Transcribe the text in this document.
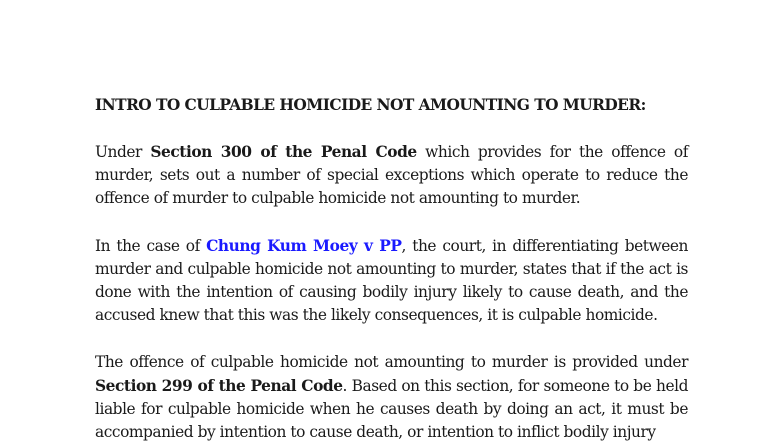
INTRO TO CULPABLE HOMICIDE NOT AMOUNTING TO MURDER:

Under Section 300 of the Penal Code which provides for the offence of murder, sets out a number of special exceptions which operate to reduce the offence of murder to culpable homicide not amounting to murder.

In the case of Chung Kum Moey v PP, the court, in differentiating between murder and culpable homicide not amounting to murder, states that if the act is done with the intention of causing bodily injury likely to cause death, and the accused knew that this was the likely consequences, it is culpable homicide.

The offence of culpable homicide not amounting to murder is provided under Section 299 of the Penal Code. Based on this section, for someone to be held liable for culpable homicide when he causes death by doing an act, it must be accompanied by intention to cause death, or intention to inflict bodily injury
